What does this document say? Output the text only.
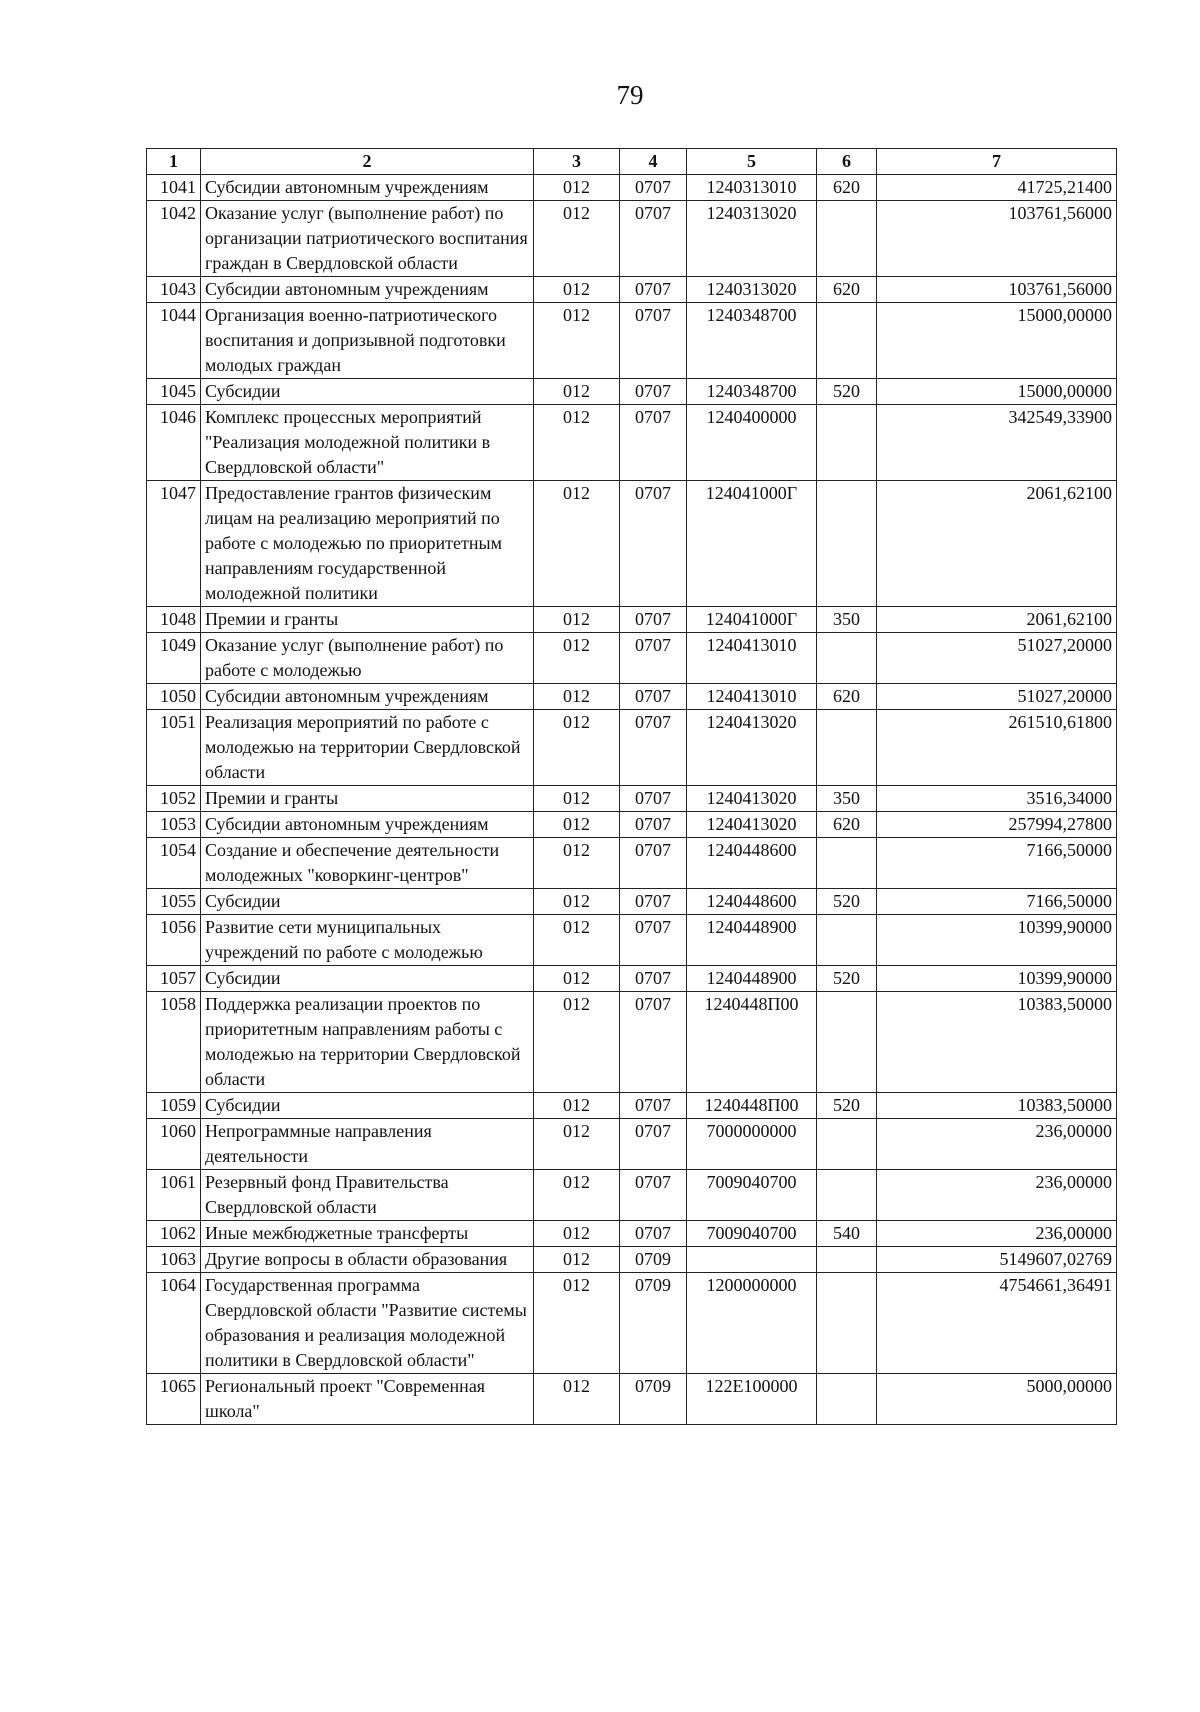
79
1	2	3	4	5	6	7
1041	Субсидии автономным учреждениям	012	0707	1240313010	620	41725,21400
1042	Оказание услуг (выполнение работ) по организации патриотического воспитания граждан в Свердловской области	012	0707	1240313020		103761,56000
1043	Субсидии автономным учреждениям	012	0707	1240313020	620	103761,56000
1044	Организация военно-патриотического воспитания и допризывной подготовки молодых граждан	012	0707	1240348700		15000,00000
1045	Субсидии	012	0707	1240348700	520	15000,00000
1046	Комплекс процессных мероприятий "Реализация молодежной политики в Свердловской области"	012	0707	1240400000		342549,33900
1047	Предоставление грантов физическим лицам на реализацию мероприятий по работе с молодежью по приоритетным направлениям государственной молодежной политики	012	0707	124041000Г		2061,62100
1048	Премии и гранты	012	0707	124041000Г	350	2061,62100
1049	Оказание услуг (выполнение работ) по работе с молодежью	012	0707	1240413010		51027,20000
1050	Субсидии автономным учреждениям	012	0707	1240413010	620	51027,20000
1051	Реализация мероприятий по работе с молодежью на территории Свердловской области	012	0707	1240413020		261510,61800
1052	Премии и гранты	012	0707	1240413020	350	3516,34000
1053	Субсидии автономным учреждениям	012	0707	1240413020	620	257994,27800
1054	Создание и обеспечение деятельности молодежных "коворкинг-центров"	012	0707	1240448600		7166,50000
1055	Субсидии	012	0707	1240448600	520	7166,50000
1056	Развитие сети муниципальных учреждений по работе с молодежью	012	0707	1240448900		10399,90000
1057	Субсидии	012	0707	1240448900	520	10399,90000
1058	Поддержка реализации проектов по приоритетным направлениям работы с молодежью на территории Свердловской области	012	0707	1240448П00		10383,50000
1059	Субсидии	012	0707	1240448П00	520	10383,50000
1060	Непрограммные направления деятельности	012	0707	7000000000		236,00000
1061	Резервный фонд Правительства Свердловской области	012	0707	7009040700		236,00000
1062	Иные межбюджетные трансферты	012	0707	7009040700	540	236,00000
1063	Другие вопросы в области образования	012	0709			5149607,02769
1064	Государственная программа Свердловской области "Развитие системы образования и реализация молодежной политики в Свердловской области"	012	0709	1200000000		4754661,36491
1065	Региональный проект "Современная школа"	012	0709	122Е100000		5000,00000
